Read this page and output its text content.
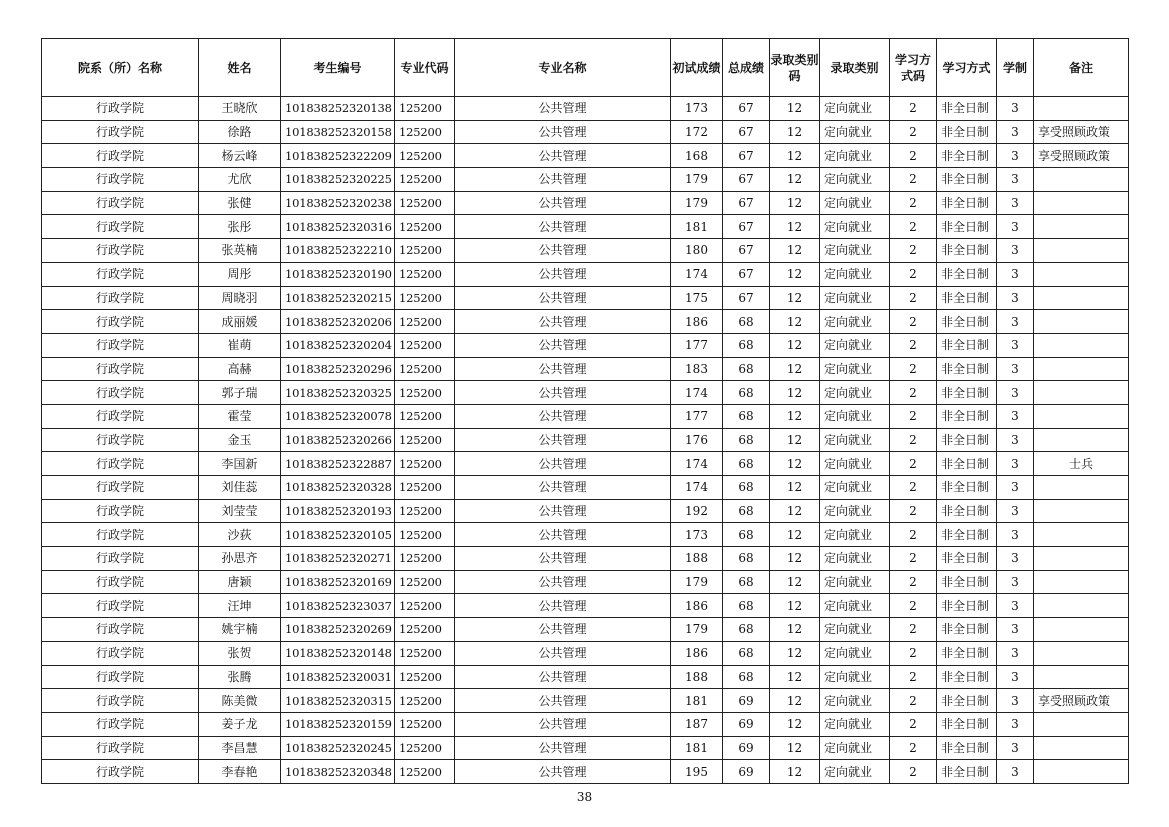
院系（所）名称	姓名	考生编号	专业代码	专业名称	初试成绩	总成绩	录取类别码	录取类别	学习方式码	学习方式	学制	备注
行政学院	王晓欣	101838252320138	125200	公共管理	173	67	12	定向就业	2	非全日制	3	
行政学院	徐路	101838252320158	125200	公共管理	172	67	12	定向就业	2	非全日制	3	享受照顾政策
行政学院	杨云峰	101838252322209	125200	公共管理	168	67	12	定向就业	2	非全日制	3	享受照顾政策
行政学院	尤欣	101838252320225	125200	公共管理	179	67	12	定向就业	2	非全日制	3	
行政学院	张健	101838252320238	125200	公共管理	179	67	12	定向就业	2	非全日制	3	
行政学院	张彤	101838252320316	125200	公共管理	181	67	12	定向就业	2	非全日制	3	
行政学院	张英楠	101838252322210	125200	公共管理	180	67	12	定向就业	2	非全日制	3	
行政学院	周彤	101838252320190	125200	公共管理	174	67	12	定向就业	2	非全日制	3	
行政学院	周晓羽	101838252320215	125200	公共管理	175	67	12	定向就业	2	非全日制	3	
行政学院	成丽媛	101838252320206	125200	公共管理	186	68	12	定向就业	2	非全日制	3	
行政学院	崔萌	101838252320204	125200	公共管理	177	68	12	定向就业	2	非全日制	3	
行政学院	高赫	101838252320296	125200	公共管理	183	68	12	定向就业	2	非全日制	3	
行政学院	郭子瑞	101838252320325	125200	公共管理	174	68	12	定向就业	2	非全日制	3	
行政学院	霍莹	101838252320078	125200	公共管理	177	68	12	定向就业	2	非全日制	3	
行政学院	金玉	101838252320266	125200	公共管理	176	68	12	定向就业	2	非全日制	3	
行政学院	李国新	101838252322887	125200	公共管理	174	68	12	定向就业	2	非全日制	3	士兵
行政学院	刘佳蕊	101838252320328	125200	公共管理	174	68	12	定向就业	2	非全日制	3	
行政学院	刘莹莹	101838252320193	125200	公共管理	192	68	12	定向就业	2	非全日制	3	
行政学院	沙荻	101838252320105	125200	公共管理	173	68	12	定向就业	2	非全日制	3	
行政学院	孙思齐	101838252320271	125200	公共管理	188	68	12	定向就业	2	非全日制	3	
行政学院	唐颖	101838252320169	125200	公共管理	179	68	12	定向就业	2	非全日制	3	
行政学院	汪坤	101838252323037	125200	公共管理	186	68	12	定向就业	2	非全日制	3	
行政学院	姚宇楠	101838252320269	125200	公共管理	179	68	12	定向就业	2	非全日制	3	
行政学院	张贺	101838252320148	125200	公共管理	186	68	12	定向就业	2	非全日制	3	
行政学院	张腾	101838252320031	125200	公共管理	188	68	12	定向就业	2	非全日制	3	
行政学院	陈美微	101838252320315	125200	公共管理	181	69	12	定向就业	2	非全日制	3	享受照顾政策
行政学院	姜子龙	101838252320159	125200	公共管理	187	69	12	定向就业	2	非全日制	3	
行政学院	李昌慧	101838252320245	125200	公共管理	181	69	12	定向就业	2	非全日制	3	
行政学院	李春艳	101838252320348	125200	公共管理	195	69	12	定向就业	2	非全日制	3	
38
